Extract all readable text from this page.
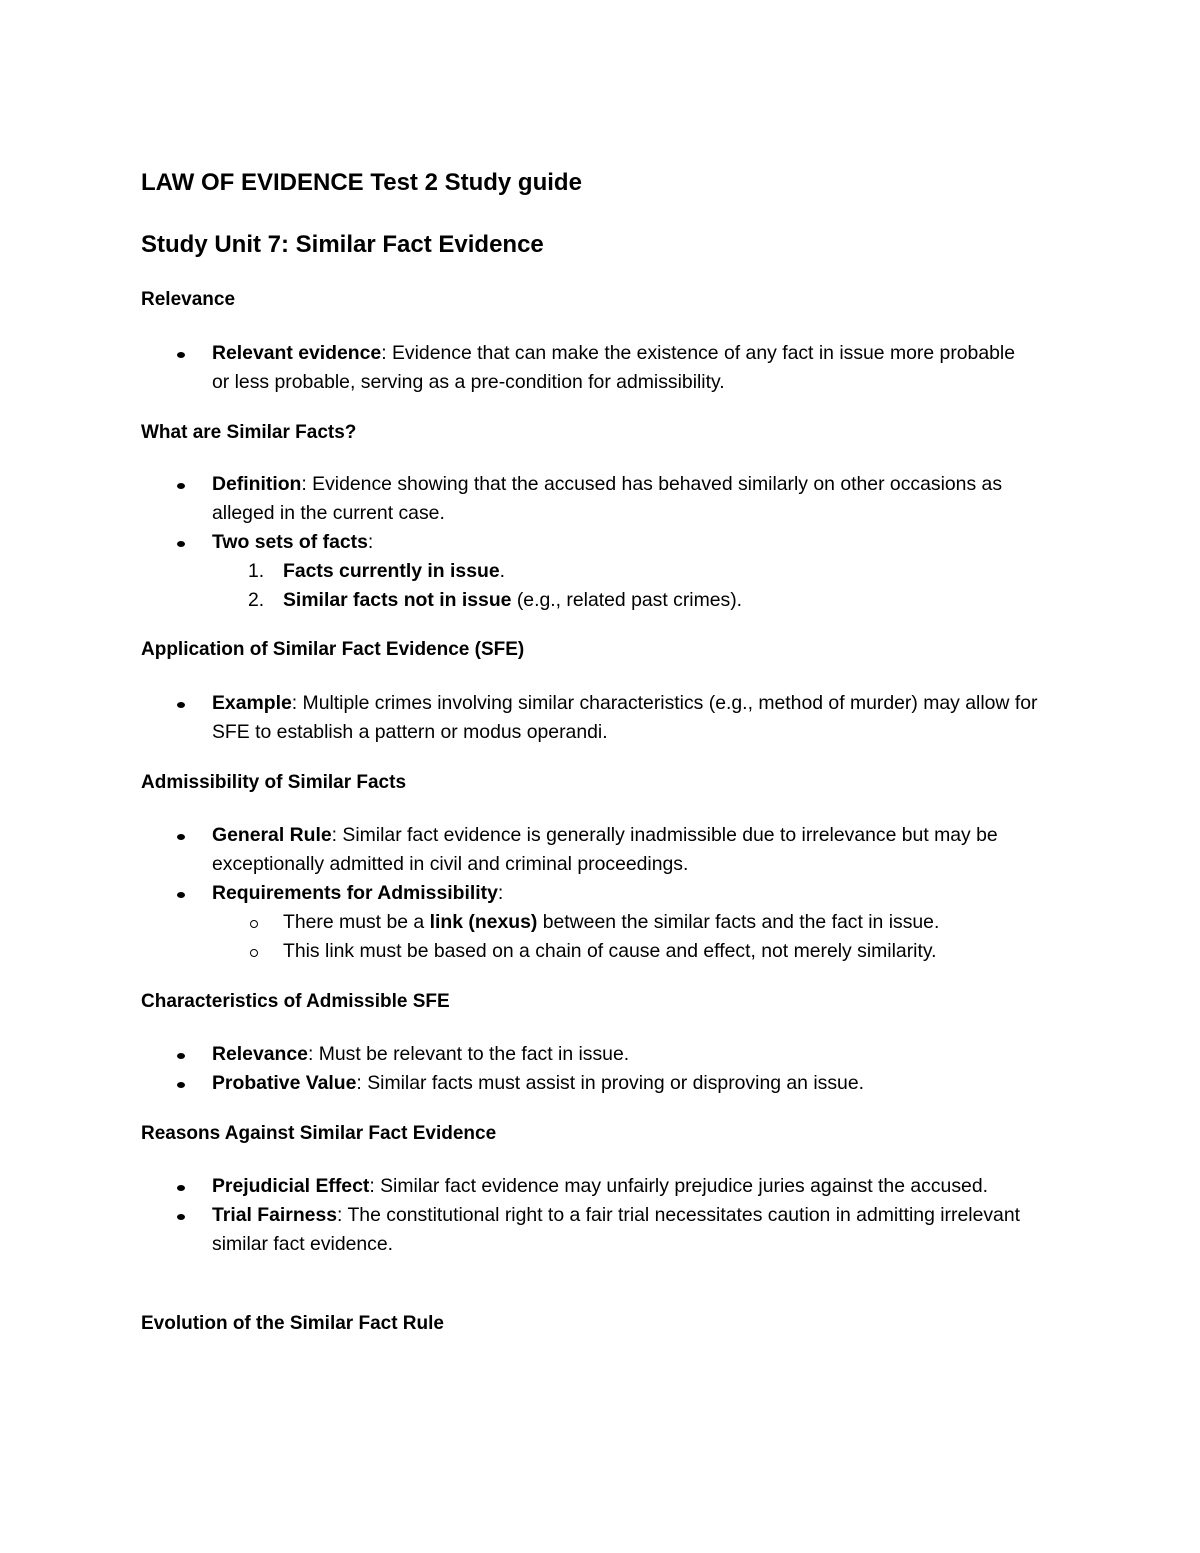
LAW OF EVIDENCE Test 2 Study guide
Study Unit 7: Similar Fact Evidence
Relevance
Relevant evidence: Evidence that can make the existence of any fact in issue more probable or less probable, serving as a pre-condition for admissibility.
What are Similar Facts?
Definition: Evidence showing that the accused has behaved similarly on other occasions as alleged in the current case.
Two sets of facts:
1. Facts currently in issue.
2. Similar facts not in issue (e.g., related past crimes).
Application of Similar Fact Evidence (SFE)
Example: Multiple crimes involving similar characteristics (e.g., method of murder) may allow for SFE to establish a pattern or modus operandi.
Admissibility of Similar Facts
General Rule: Similar fact evidence is generally inadmissible due to irrelevance but may be exceptionally admitted in civil and criminal proceedings.
Requirements for Admissibility:
There must be a link (nexus) between the similar facts and the fact in issue.
This link must be based on a chain of cause and effect, not merely similarity.
Characteristics of Admissible SFE
Relevance: Must be relevant to the fact in issue.
Probative Value: Similar facts must assist in proving or disproving an issue.
Reasons Against Similar Fact Evidence
Prejudicial Effect: Similar fact evidence may unfairly prejudice juries against the accused.
Trial Fairness: The constitutional right to a fair trial necessitates caution in admitting irrelevant similar fact evidence.
Evolution of the Similar Fact Rule
